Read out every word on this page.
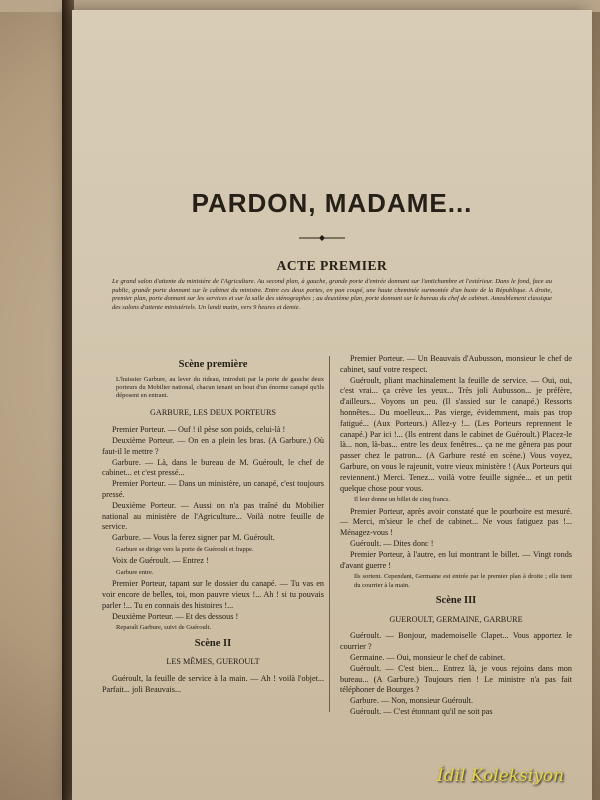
PARDON, MADAME...
ACTE PREMIER
Le grand salon d'attente du ministère de l'Agriculture. Au second plan, à gauche, grande porte d'entrée donnant sur l'antichambre et l'extérieur. Dans le fond, face au public, grande porte donnant sur le cabinet du ministre. Entre ces deux portes, en pan coupé, une haute cheminée surmontée d'un buste de la République. A droite, premier plan, porte donnant sur les services et sur la salle des sténographes ; au deuxième plan, porte donnant sur le bureau du chef de cabinet. Ameublement classique des salons d'attente ministériels. Un lundi matin, vers 9 heures et demie.

Scène première

L'huissier Garbure, au lever du rideau, introduit par la porte de gauche deux porteurs du Mobilier national, chacun tenant un bout d'un énorme canapé qu'ils déposent en entrant.

GARBURE, LES DEUX PORTEURS

Premier Porteur. — Ouf ! il pèse son poids, celui-là !

Deuxième Porteur. — On en a plein les bras. (A Garbure.) Où faut-il le mettre ?

Garbure. — Là, dans le bureau de M. Guéroult, le chef de cabinet... et c'est pressé...

Premier Porteur. — Dans un ministère, un canapé, c'est toujours pressé.

Deuxième Porteur. — Aussi on n'a pas traîné du Mobilier national au ministère de l'Agriculture... Voilà notre feuille de service.

Garbure. — Vous la ferez signer par M. Guéroult.

Garbure se dirige vers la porte de Guéroult et frappe.

Voix de Guéroult. — Entrez !

Garbure entre.

Premier Porteur, tapant sur le dossier du canapé. — Tu vas en voir encore de belles, toi, mon pauvre vieux !... Ah ! si tu pouvais parler !... Tu en connais des histoires !...

Deuxième Porteur. — Et des dessous !

Reparaît Garbure, suivi de Guéroult.

Scène II

LES MÊMES, GUEROULT

Guéroult, la feuille de service à la main. — Ah ! voilà l'objet... Parfait... joli Beauvais...

Premier Porteur. — Un Beauvais d'Aubusson, monsieur le chef de cabinet, sauf votre respect.

Guéroult, pliant machinalement la feuille de service. — Oui, oui, c'est vrai... ça crève les yeux... Très joli Aubusson... je préfère, d'ailleurs... Voyons un peu. (Il s'assied sur le canapé.) Ressorts honnêtes... Du moelleux... Pas vierge, évidemment, mais pas trop fatigué... (Aux Porteurs.) Allez-y !... (Les Porteurs reprennent le canapé.) Par ici !... (Ils entrent dans le cabinet de Guéroult.) Placez-le là... non, là-bas... entre les deux fenêtres... ça ne me gênera pas pour passer chez le patron... (A Garbure resté en scène.) Vous voyez, Garbure, on vous le rajeunit, votre vieux ministère ! (Aux Porteurs qui reviennent.) Merci. Tenez... voilà votre feuille signée... et un petit quelque chose pour vous.

Il leur donne un billet de cinq francs.

Premier Porteur, après avoir constaté que le pourboire est mesuré. — Merci, m'sieur le chef de cabinet... Ne vous fatiguez pas !... Ménagez-vous !

Guéroult. — Dites donc !

Premier Porteur, à l'autre, en lui montrant le billet. — Vingt ronds d'avant guerre !

Ils sortent. Cependant, Germaine est entrée par le premier plan à droite ; elle tient du courrier à la main.

Scène III

GUEROULT, GERMAINE, GARBURE

Guéroult. — Bonjour, mademoiselle Clapet... Vous apportez le courrier ?

Germaine. — Oui, monsieur le chef de cabinet.

Guéroult. — C'est bien... Entrez là, je vous rejoins dans mon bureau... (A Garbure.) Toujours rien ! Le ministre n'a pas fait téléphoner de Bourges ?

Garbure. — Non, monsieur Guéroult.

Guéroult. — C'est étonnant qu'il ne soit pas

İdil Koleksiyon
